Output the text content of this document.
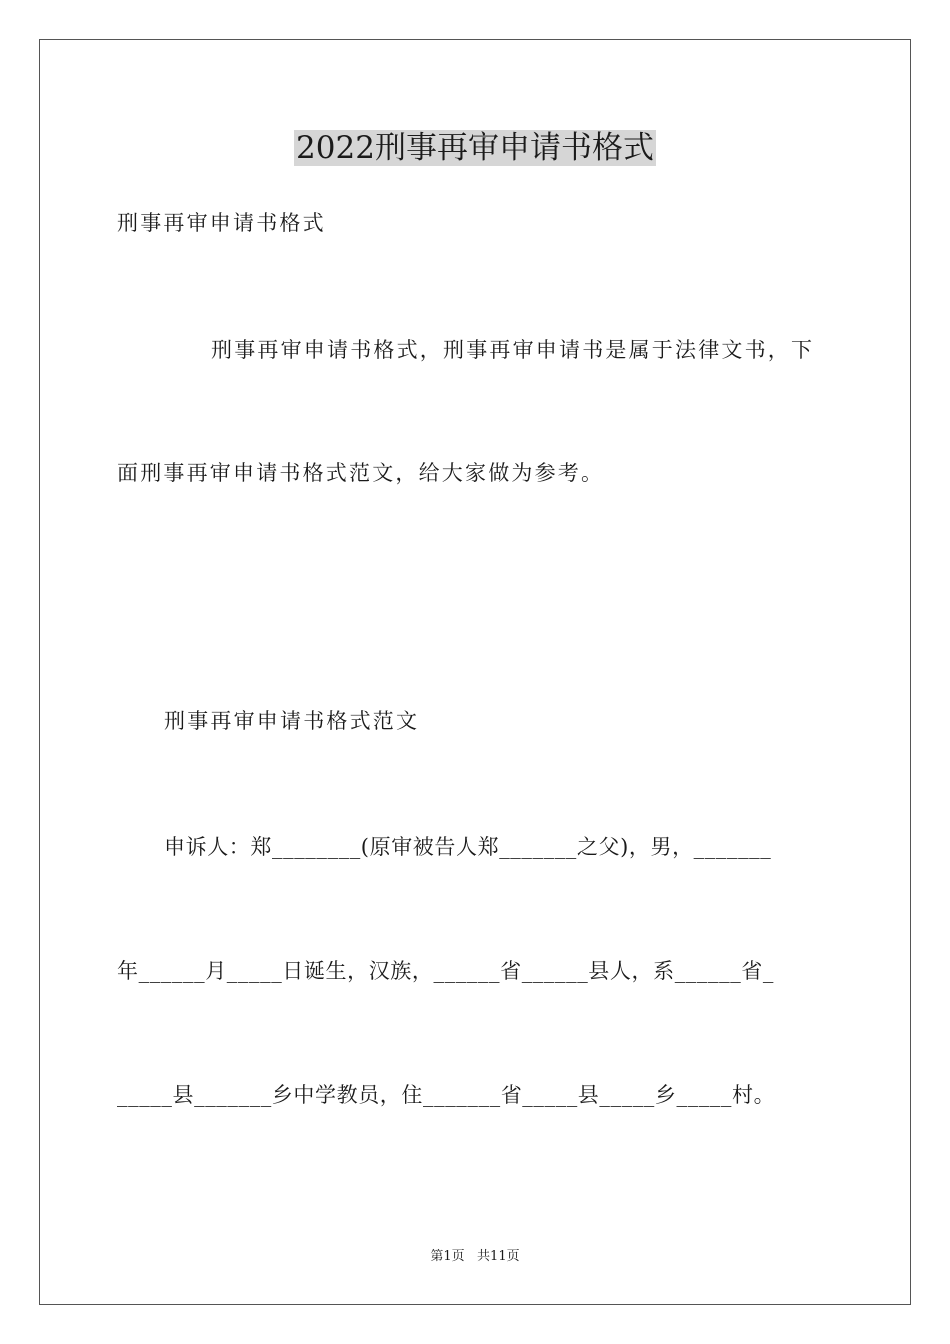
2022刑事再审申请书格式
刑事再审申请书格式
刑事再审申请书格式，刑事再审申请书是属于法律文书，下
面刑事再审申请书格式范文，给大家做为参考。
刑事再审申请书格式范文
申诉人：郑________(原审被告人郑_______之父)，男，_______
年______月_____日诞生，汉族，______省______县人，系______省_
_____县_______乡中学教员，住_______省_____县_____乡_____村。
第1页   共11页
